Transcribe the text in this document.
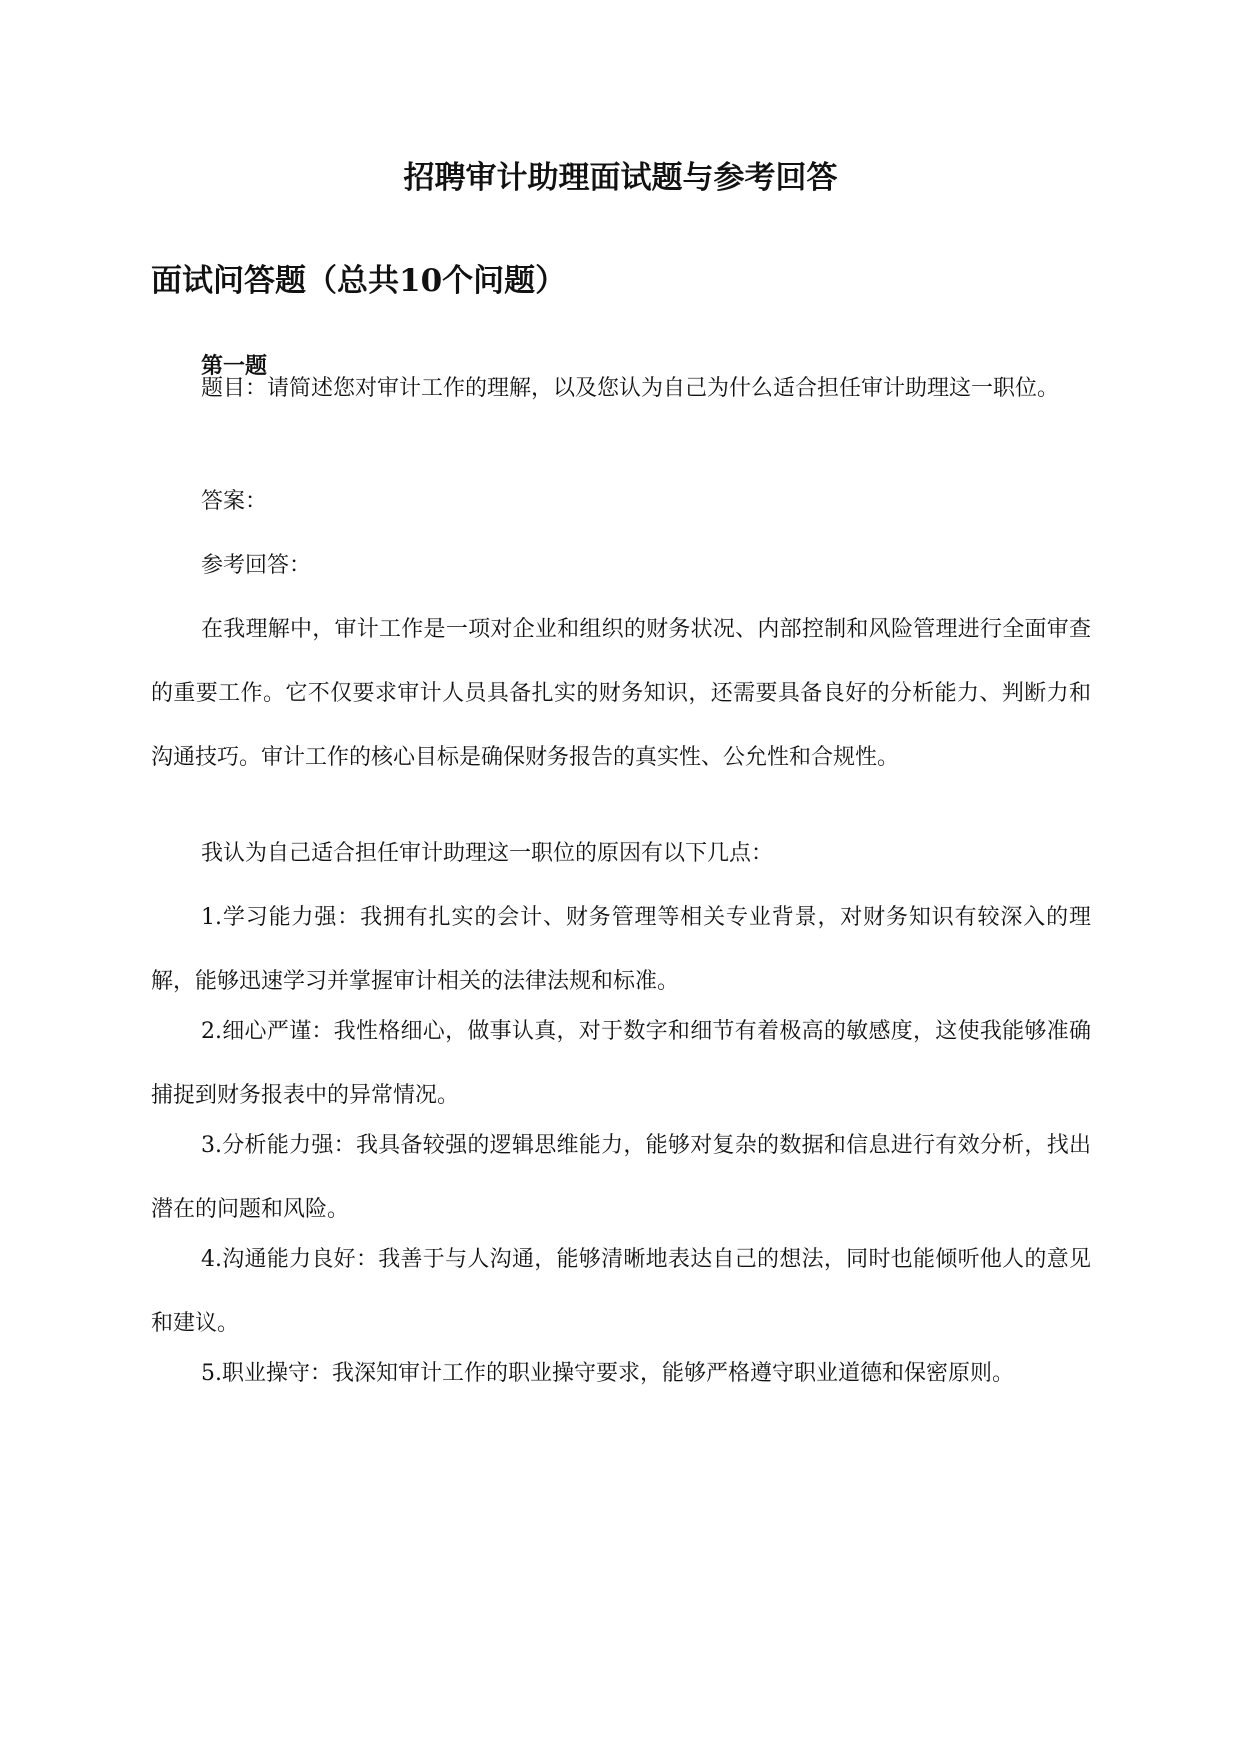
招聘审计助理面试题与参考回答
面试问答题（总共10个问题）
第一题

题目：请简述您对审计工作的理解，以及您认为自己为什么适合担任审计助理这一职位。

答案：

参考回答：

在我理解中，审计工作是一项对企业和组织的财务状况、内部控制和风险管理进行全面审查的重要工作。它不仅要求审计人员具备扎实的财务知识，还需要具备良好的分析能力、判断力和沟通技巧。审计工作的核心目标是确保财务报告的真实性、公允性和合规性。

我认为自己适合担任审计助理这一职位的原因有以下几点：

1.学习能力强：我拥有扎实的会计、财务管理等相关专业背景，对财务知识有较深入的理解，能够迅速学习并掌握审计相关的法律法规和标准。

2.细心严谨：我性格细心，做事认真，对于数字和细节有着极高的敏感度，这使我能够准确捕捉到财务报表中的异常情况。

3.分析能力强：我具备较强的逻辑思维能力，能够对复杂的数据和信息进行有效分析，找出潜在的问题和风险。

4.沟通能力良好：我善于与人沟通，能够清晰地表达自己的想法，同时也能倾听他人的意见和建议。

5.职业操守：我深知审计工作的职业操守要求，能够严格遵守职业道德和保密原则。
